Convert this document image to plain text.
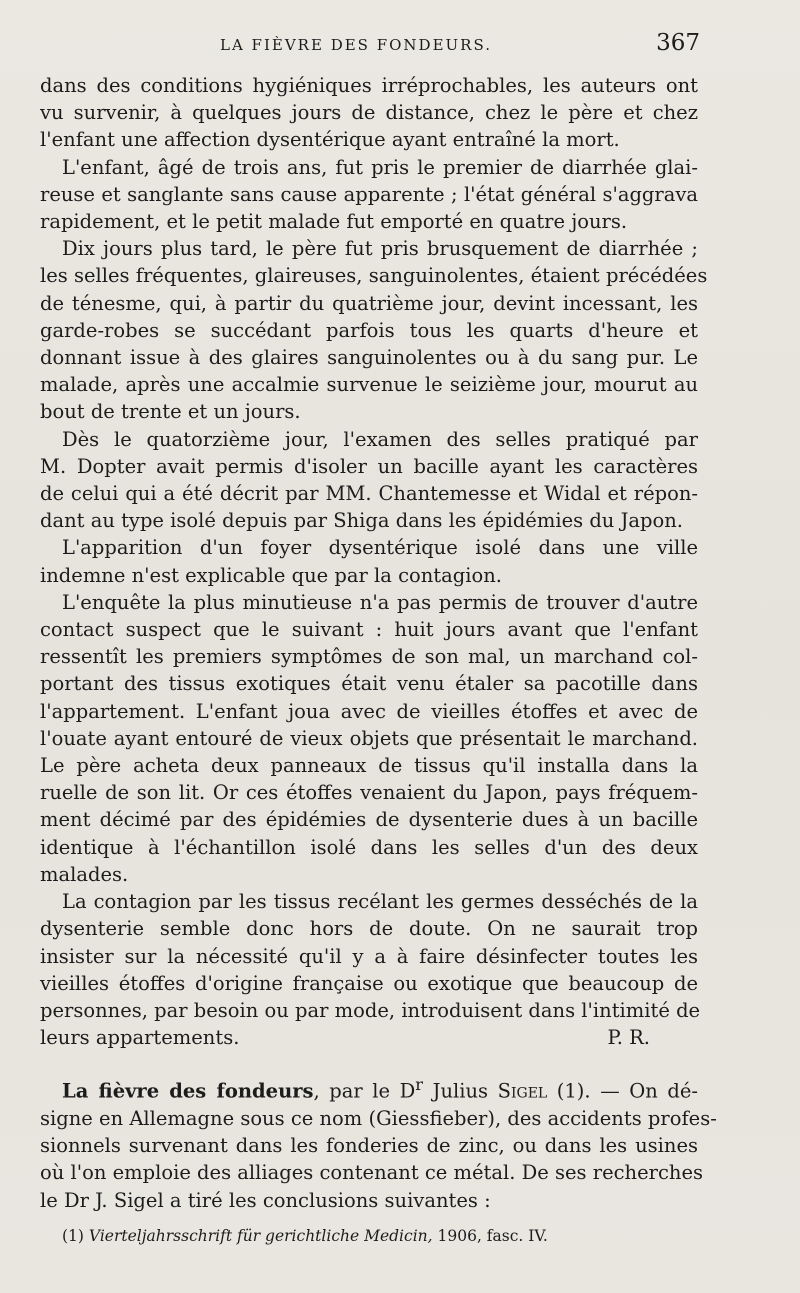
LA FIÈVRE DES FONDEURS.	367
dans des conditions hygiéniques irréprochables, les auteurs ont
vu survenir, à quelques jours de distance, chez le père et chez
l'enfant une affection dysentérique ayant entraîné la mort.
L'enfant, âgé de trois ans, fut pris le premier de diarrhée glai-
reuse et sanglante sans cause apparente ; l'état général s'aggrava
rapidement, et le petit malade fut emporté en quatre jours.
Dix jours plus tard, le père fut pris brusquement de diarrhée ;
les selles fréquentes, glaireuses, sanguinolentes, étaient précédées
de ténesme, qui, à partir du quatrième jour, devint incessant, les
garde-robes se succédant parfois tous les quarts d'heure et
donnant issue à des glaires sanguinolentes ou à du sang pur. Le
malade, après une accalmie survenue le seizième jour, mourut au
bout de trente et un jours.
Dès le quatorzième jour, l'examen des selles pratiqué par
M. Dopter avait permis d'isoler un bacille ayant les caractères
de celui qui a été décrit par MM. Chantemesse et Widal et répon-
dant au type isolé depuis par Shiga dans les épidémies du Japon.
L'apparition d'un foyer dysentérique isolé dans une ville
indemne n'est explicable que par la contagion.
L'enquête la plus minutieuse n'a pas permis de trouver d'autre
contact suspect que le suivant : huit jours avant que l'enfant
ressentît les premiers symptômes de son mal, un marchand col-
portant des tissus exotiques était venu étaler sa pacotille dans
l'appartement. L'enfant joua avec de vieilles étoffes et avec de
l'ouate ayant entouré de vieux objets que présentait le marchand.
Le père acheta deux panneaux de tissus qu'il installa dans la
ruelle de son lit. Or ces étoffes venaient du Japon, pays fréquem-
ment décimé par des épidémies de dysenterie dues à un bacille
identique à l'échantillon isolé dans les selles d'un des deux
malades.
La contagion par les tissus recélant les germes desséchés de la
dysenterie semble donc hors de doute. On ne saurait trop
insister sur la nécessité qu'il y a à faire désinfecter toutes les
vieilles étoffes d'origine française ou exotique que beaucoup de
personnes, par besoin ou par mode, introduisent dans l'intimité de
leurs appartements.	P. R.
La fièvre des fondeurs, par le $D^r$ Julius Sigel (1). — On dé-
signe en Allemagne sous ce nom (Giessfieber), des accidents profes-
sionnels survenant dans les fonderies de zinc, ou dans les usines
où l'on emploie des alliages contenant ce métal. De ses recherches
le Dr J. Sigel a tiré les conclusions suivantes :
(1) Vierteljahrsschrift für gerichtliche Medicin, 1906, fasc. IV.
